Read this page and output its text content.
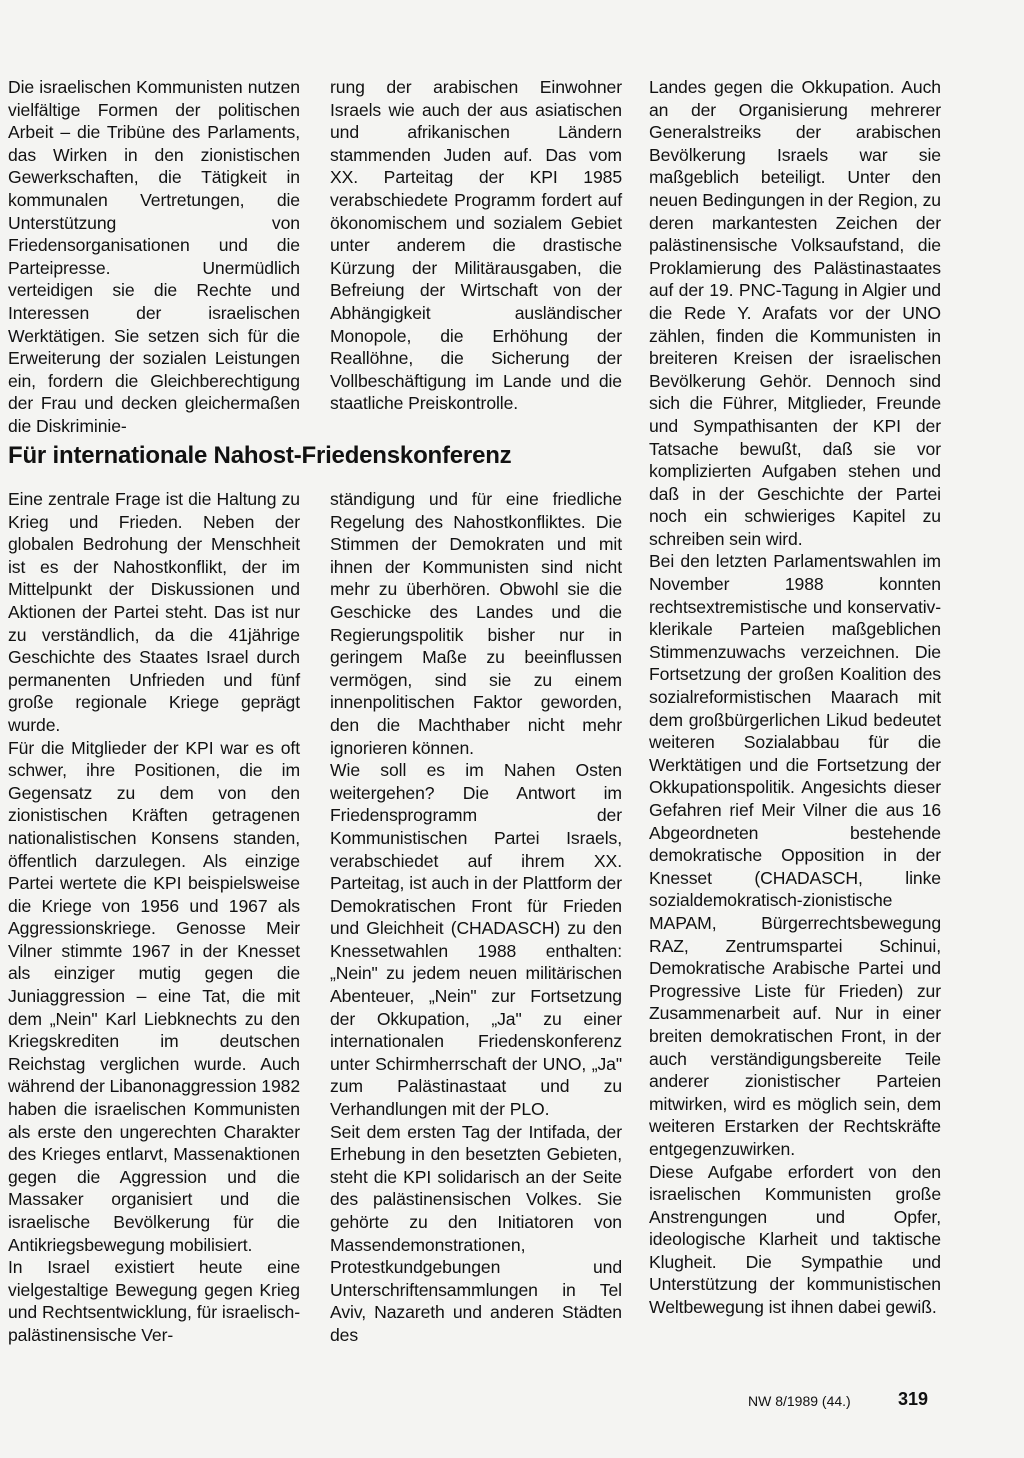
Die israelischen Kommunisten nutzen vielfältige Formen der politischen Arbeit – die Tribüne des Parlaments, das Wirken in den zionistischen Gewerkschaften, die Tätigkeit in kommunalen Vertretungen, die Unterstützung von Friedensorganisationen und die Parteipresse. Unermüdlich verteidigen sie die Rechte und Interessen der israelischen Werktätigen. Sie setzen sich für die Erweiterung der sozialen Leistungen ein, fordern die Gleichberechtigung der Frau und decken gleichermaßen die Diskriminie-

rung der arabischen Einwohner Israels wie auch der aus asiatischen und afrikanischen Ländern stammenden Juden auf. Das vom XX. Parteitag der KPI 1985 verabschiedete Programm fordert auf ökonomischem und sozialem Gebiet unter anderem die drastische Kürzung der Militärausgaben, die Befreiung der Wirtschaft von der Abhängigkeit ausländischer Monopole, die Erhöhung der Reallöhne, die Sicherung der Vollbeschäftigung im Lande und die staatliche Preiskontrolle.

Für internationale Nahost-Friedenskonferenz

Eine zentrale Frage ist die Haltung zu Krieg und Frieden. Neben der globalen Bedrohung der Menschheit ist es der Nahostkonflikt, der im Mittelpunkt der Diskussionen und Aktionen der Partei steht. Das ist nur zu verständlich, da die 41jährige Geschichte des Staates Israel durch permanenten Unfrieden und fünf große regionale Kriege geprägt wurde.

Für die Mitglieder der KPI war es oft schwer, ihre Positionen, die im Gegensatz zu dem von den zionistischen Kräften getragenen nationalistischen Konsens standen, öffentlich darzulegen. Als einzige Partei wertete die KPI beispielsweise die Kriege von 1956 und 1967 als Aggressionskriege. Genosse Meir Vilner stimmte 1967 in der Knesset als einziger mutig gegen die Juniaggression – eine Tat, die mit dem „Nein" Karl Liebknechts zu den Kriegskrediten im deutschen Reichstag verglichen wurde. Auch während der Libanonaggression 1982 haben die israelischen Kommunisten als erste den ungerechten Charakter des Krieges entlarvt, Massenaktionen gegen die Aggression und die Massaker organisiert und die israelische Bevölkerung für die Antikriegsbewegung mobilisiert.

In Israel existiert heute eine vielgestaltige Bewegung gegen Krieg und Rechtsentwicklung, für israelisch-palästinensische Ver-

ständigung und für eine friedliche Regelung des Nahostkonfliktes. Die Stimmen der Demokraten und mit ihnen der Kommunisten sind nicht mehr zu überhören. Obwohl sie die Geschicke des Landes und die Regierungspolitik bisher nur in geringem Maße zu beeinflussen vermögen, sind sie zu einem innenpolitischen Faktor geworden, den die Machthaber nicht mehr ignorieren können.

Wie soll es im Nahen Osten weitergehen? Die Antwort im Friedensprogramm der Kommunistischen Partei Israels, verabschiedet auf ihrem XX. Parteitag, ist auch in der Plattform der Demokratischen Front für Frieden und Gleichheit (CHADASCH) zu den Knessetwahlen 1988 enthalten: „Nein" zu jedem neuen militärischen Abenteuer, „Nein" zur Fortsetzung der Okkupation, „Ja" zu einer internationalen Friedenskonferenz unter Schirmherrschaft der UNO, „Ja" zum Palästinastaat und zu Verhandlungen mit der PLO.

Seit dem ersten Tag der Intifada, der Erhebung in den besetzten Gebieten, steht die KPI solidarisch an der Seite des palästinensischen Volkes. Sie gehörte zu den Initiatoren von Massendemonstrationen, Protestkundgebungen und Unterschriftensammlungen in Tel Aviv, Nazareth und anderen Städten des

Landes gegen die Okkupation. Auch an der Organisierung mehrerer Generalstreiks der arabischen Bevölkerung Israels war sie maßgeblich beteiligt. Unter den neuen Bedingungen in der Region, zu deren markantesten Zeichen der palästinensische Volksaufstand, die Proklamierung des Palästinastaates auf der 19. PNC-Tagung in Algier und die Rede Y. Arafats vor der UNO zählen, finden die Kommunisten in breiteren Kreisen der israelischen Bevölkerung Gehör. Dennoch sind sich die Führer, Mitglieder, Freunde und Sympathisanten der KPI der Tatsache bewußt, daß sie vor komplizierten Aufgaben stehen und daß in der Geschichte der Partei noch ein schwieriges Kapitel zu schreiben sein wird.

Bei den letzten Parlamentswahlen im November 1988 konnten rechtsextremistische und konservativ-klerikale Parteien maßgeblichen Stimmenzuwachs verzeichnen. Die Fortsetzung der großen Koalition des sozialreformistischen Maarach mit dem großbürgerlichen Likud bedeutet weiteren Sozialabbau für die Werktätigen und die Fortsetzung der Okkupationspolitik. Angesichts dieser Gefahren rief Meir Vilner die aus 16 Abgeordneten bestehende demokratische Opposition in der Knesset (CHADASCH, linke sozialdemokratisch-zionistische MAPAM, Bürgerrechtsbewegung RAZ, Zentrumspartei Schinui, Demokratische Arabische Partei und Progressive Liste für Frieden) zur Zusammenarbeit auf. Nur in einer breiten demokratischen Front, in der auch verständigungsbereite Teile anderer zionistischer Parteien mitwirken, wird es möglich sein, dem weiteren Erstarken der Rechtskräfte entgegenzuwirken.

Diese Aufgabe erfordert von den israelischen Kommunisten große Anstrengungen und Opfer, ideologische Klarheit und taktische Klugheit. Die Sympathie und Unterstützung der kommunistischen Weltbewegung ist ihnen dabei gewiß.

NW 8/1989 (44.)	319
